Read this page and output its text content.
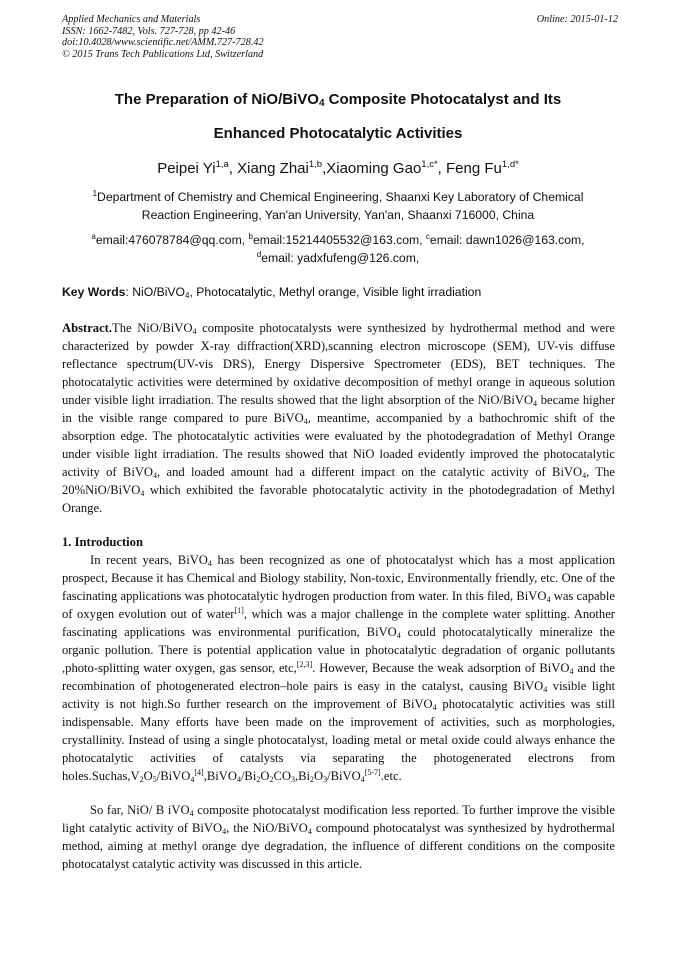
Applied Mechanics and Materials
ISSN: 1662-7482, Vols. 727-728, pp 42-46
doi:10.4028/www.scientific.net/AMM.727-728.42
© 2015 Trans Tech Publications Ltd, Switzerland
Online: 2015-01-12
The Preparation of NiO/BiVO$_4$ Composite Photocatalyst and Its
Enhanced Photocatalytic Activities
Peipei Yi$^{1,a}$, Xiang Zhai$^{1,b}$,Xiaoming Gao$^{1,c*}$, Feng $Fu^{1,d*}$
$^1$Department of Chemistry and Chemical Engineering, Shaanxi Key Laboratory of Chemical
Reaction Engineering, Yan'an University, Yan'an, Shaanxi 716000, China
$^a$email:476078784@qq.com, $^b$email:15214405532@163.com, $^c$email: dawn1026@163.com,
$^d$email: yadxfufeng@126.com,
Key Words: NiO/BiVO$_4$, Photocatalytic, Methyl orange, Visible light irradiation

Abstract.The NiO/BiVO$_4$ composite photocatalysts were synthesized by hydrothermal method and were characterized by powder X-ray diffraction(XRD),scanning electron microscope (SEM), UV-vis diffuse reflectance spectrum(UV-vis DRS), Energy Dispersive Spectrometer (EDS), BET techniques. The photocatalytic activities were determined by oxidative decomposition of methyl orange in aqueous solution under visible light irradiation. The results showed that the light absorption of the NiO/BiVO$_4$ became higher in the visible range compared to pure BiVO$_4$, meantime, accompanied by a bathochromic shift of the absorption edge. The photocatalytic activities were evaluated by the photodegradation of Methyl Orange under visible light irradiation. The results showed that NiO loaded evidently improved the photocatalytic activity of BiVO$_4$, and loaded amount had a different impact on the catalytic activity of BiVO$_4$, The 20%NiO/BiVO$_4$ which exhibited the favorable photocatalytic activity in the photodegradation of Methyl Orange.

1. Introduction

In recent years, BiVO$_4$ has been recognized as one of photocatalyst which has a most application prospect, Because it has Chemical and Biology stability, Non-toxic, Environmentally friendly, etc. One of the fascinating applications was photocatalytic hydrogen production from water. In this filed, BiVO$_4$ was capable of oxygen evolution out of water[1], which was a major challenge in the complete water splitting. Another fascinating applications was environmental purification, BiVO$_4$ could photocatalytically mineralize the organic pollution. There is potential application value in photocatalytic degradation of organic pollutants ,photo-splitting water oxygen, gas sensor, etc,[2,3]. However, Because the weak adsorption of BiVO$_4$ and the recombination of photogenerated electron–hole pairs is easy in the catalyst, causing BiVO$_4$ visible light activity is not high.So further research on the improvement of BiVO$_4$ photocatalytic activities was still indispensable. Many efforts have been made on the improvement of activities, such as morphologies, crystallinity. Instead of using a single photocatalyst, loading metal or metal oxide could always enhance the photocatalytic activities of catalysts via separating the photogenerated electrons from $holes.Suchas,V_2O_5/BiVO_4[4],BiVO_4/Bi_2O_2CO_3,Bi_2O_3/BiVO_4[5-7].etc$.

So far, NiO/ B iVO$_4$ composite photocatalyst modification less reported. To further improve the visible light catalytic activity of BiVO$_4$, the NiO/BiVO$_4$ compound photocatalyst was synthesized by hydrothermal method, aiming at methyl orange dye degradation, the influence of different conditions on the composite photocatalyst catalytic activity was discussed in this article.
